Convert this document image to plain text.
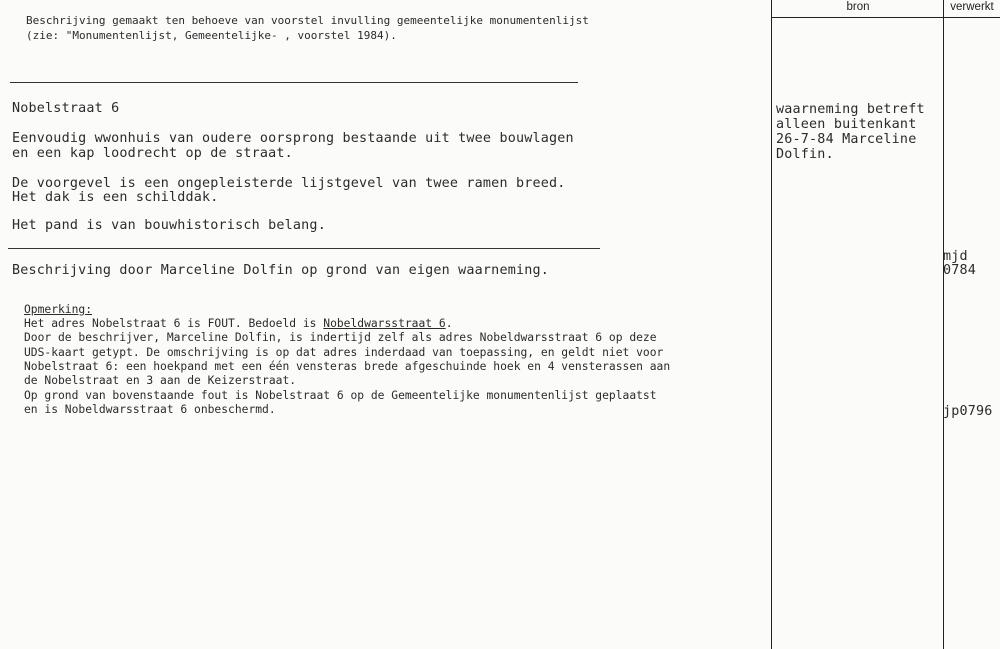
bron	verwerkt

Beschrijving gemaakt ten behoeve van voorstel invulling gemeentelijke monumentenlijst

(zie: "Monumentenlijst, Gemeentelijke- , voorstel 1984).

Nobelstraat 6

Eenvoudig wwonhuis van oudere oorsprong bestaande uit twee bouwlagen

en een kap loodrecht op de straat.

De voorgevel is een ongepleisterde lijstgevel van twee ramen breed.

Het dak is een schilddak.

Het pand is van bouwhistorisch belang.

Beschrijving door Marceline Dolfin op grond van eigen waarneming.

Opmerking:

Het adres Nobelstraat 6 is FOUT. Bedoeld is Nobeldwarsstraat 6.

Door de beschrijver, Marceline Dolfin, is indertijd zelf als adres Nobeldwarsstraat 6 op deze

UDS-kaart getypt. De omschrijving is op dat adres inderdaad van toepassing, en geldt niet voor

Nobelstraat 6: een hoekpand met een één vensteras brede afgeschuinde hoek en 4 vensterassen aan

de Nobelstraat en 3 aan de Keizerstraat.

Op grond van bovenstaande fout is Nobelstraat 6 op de Gemeentelijke monumentenlijst geplaatst

en is Nobeldwarsstraat 6 onbeschermd.

waarneming betreft

alleen buitenkant

26-7-84 Marceline

Dolfin.

mjd

0784

jp0796
